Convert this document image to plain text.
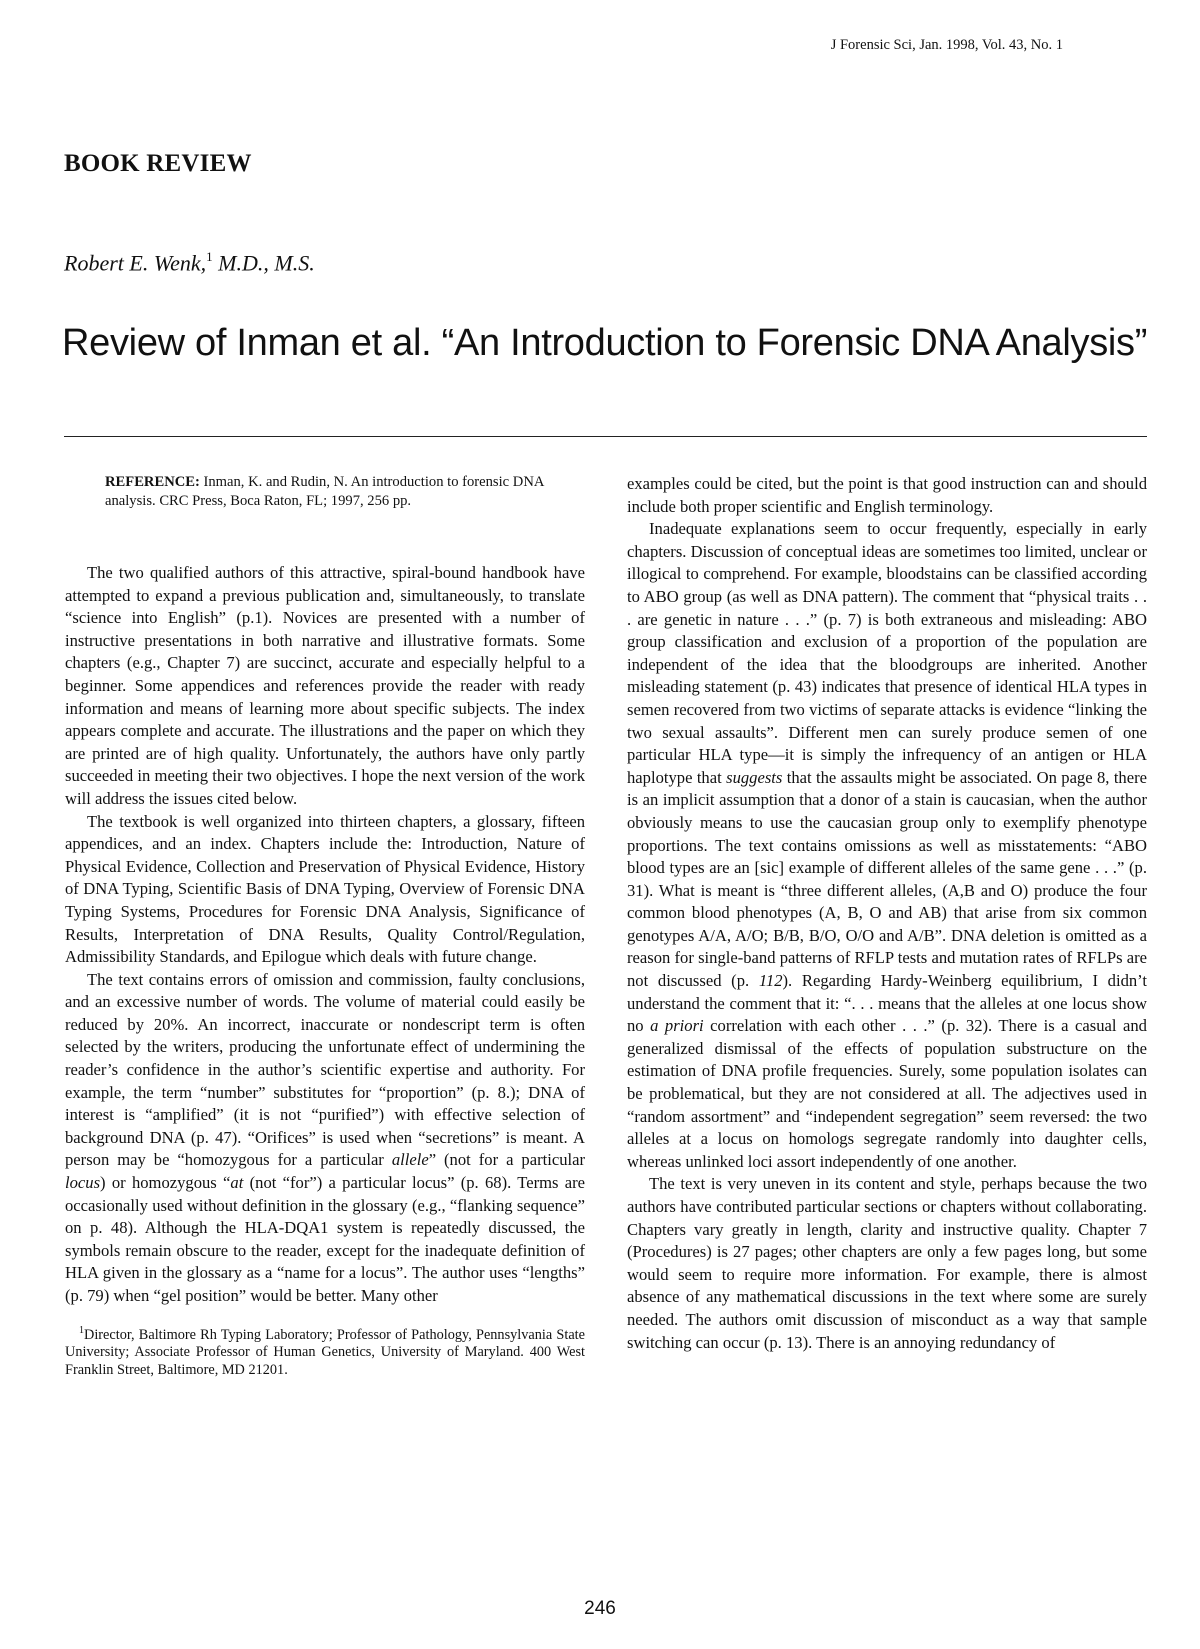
J Forensic Sci, Jan. 1998, Vol. 43, No. 1
BOOK REVIEW
Robert E. Wenk,$^1$ M.D., M.S.
Review of Inman et al. “An Introduction to Forensic DNA Analysis”
REFERENCE: Inman, K. and Rudin, N. An introduction to forensic DNA analysis. CRC Press, Boca Raton, FL; 1997, 256 pp.

The two qualified authors of this attractive, spiral-bound handbook have attempted to expand a previous publication and, simultaneously, to translate “science into English” (p.1). Novices are presented with a number of instructive presentations in both narrative and illustrative formats. Some chapters (e.g., Chapter 7) are succinct, accurate and especially helpful to a beginner. Some appendices and references provide the reader with ready information and means of learning more about specific subjects. The index appears complete and accurate. The illustrations and the paper on which they are printed are of high quality. Unfortunately, the authors have only partly succeeded in meeting their two objectives. I hope the next version of the work will address the issues cited below.

The textbook is well organized into thirteen chapters, a glossary, fifteen appendices, and an index. Chapters include the: Introduction, Nature of Physical Evidence, Collection and Preservation of Physical Evidence, History of DNA Typing, Scientific Basis of DNA Typing, Overview of Forensic DNA Typing Systems, Procedures for Forensic DNA Analysis, Significance of Results, Interpretation of DNA Results, Quality Control/Regulation, Admissibility Standards, and Epilogue which deals with future change.

The text contains errors of omission and commission, faulty conclusions, and an excessive number of words. The volume of material could easily be reduced by 20%. An incorrect, inaccurate or nondescript term is often selected by the writers, producing the unfortunate effect of undermining the reader’s confidence in the author’s scientific expertise and authority. For example, the term “number” substitutes for “proportion” (p. 8.); DNA of interest is “amplified” (it is not “purified”) with effective selection of background DNA (p. 47). “Orifices” is used when “secretions” is meant. A person may be “homozygous for a particular allele” (not for a particular locus) or homozygous “at (not “for”) a particular locus” (p. 68). Terms are occasionally used without definition in the glossary (e.g., “flanking sequence” on p. 48). Although the HLA-DQA1 system is repeatedly discussed, the symbols remain obscure to the reader, except for the inadequate definition of HLA given in the glossary as a “name for a locus”. The author uses “lengths” (p. 79) when “gel position” would be better. Many other

$^1$Director, Baltimore Rh Typing Laboratory; Professor of Pathology, Pennsylvania State University; Associate Professor of Human Genetics, University of Maryland. 400 West Franklin Street, Baltimore, MD 21201.

examples could be cited, but the point is that good instruction can and should include both proper scientific and English terminology.

Inadequate explanations seem to occur frequently, especially in early chapters. Discussion of conceptual ideas are sometimes too limited, unclear or illogical to comprehend. For example, bloodstains can be classified according to ABO group (as well as DNA pattern). The comment that “physical traits . . . are genetic in nature . . .” (p. 7) is both extraneous and misleading: ABO group classification and exclusion of a proportion of the population are independent of the idea that the bloodgroups are inherited. Another misleading statement (p. 43) indicates that presence of identical HLA types in semen recovered from two victims of separate attacks is evidence “linking the two sexual assaults”. Different men can surely produce semen of one particular HLA type—it is simply the infrequency of an antigen or HLA haplotype that suggests that the assaults might be associated. On page 8, there is an implicit assumption that a donor of a stain is caucasian, when the author obviously means to use the caucasian group only to exemplify phenotype proportions. The text contains omissions as well as misstatements: “ABO blood types are an [sic] example of different alleles of the same gene . . .” (p. 31). What is meant is “three different alleles, (A,B and O) produce the four common blood phenotypes (A, B, O and AB) that arise from six common genotypes A/A, A/O; B/B, B/O, O/O and A/B”. DNA deletion is omitted as a reason for single-band patterns of RFLP tests and mutation rates of RFLPs are not discussed (p. 112). Regarding Hardy-Weinberg equilibrium, I didn’t understand the comment that it: “. . . means that the alleles at one locus show no a priori correlation with each other . . .” (p. 32). There is a casual and generalized dismissal of the effects of population substructure on the estimation of DNA profile frequencies. Surely, some population isolates can be problematical, but they are not considered at all. The adjectives used in “random assortment” and “independent segregation” seem reversed: the two alleles at a locus on homologs segregate randomly into daughter cells, whereas unlinked loci assort independently of one another.

The text is very uneven in its content and style, perhaps because the two authors have contributed particular sections or chapters without collaborating. Chapters vary greatly in length, clarity and instructive quality. Chapter 7 (Procedures) is 27 pages; other chapters are only a few pages long, but some would seem to require more information. For example, there is almost absence of any mathematical discussions in the text where some are surely needed. The authors omit discussion of misconduct as a way that sample switching can occur (p. 13). There is an annoying redundancy of

246
